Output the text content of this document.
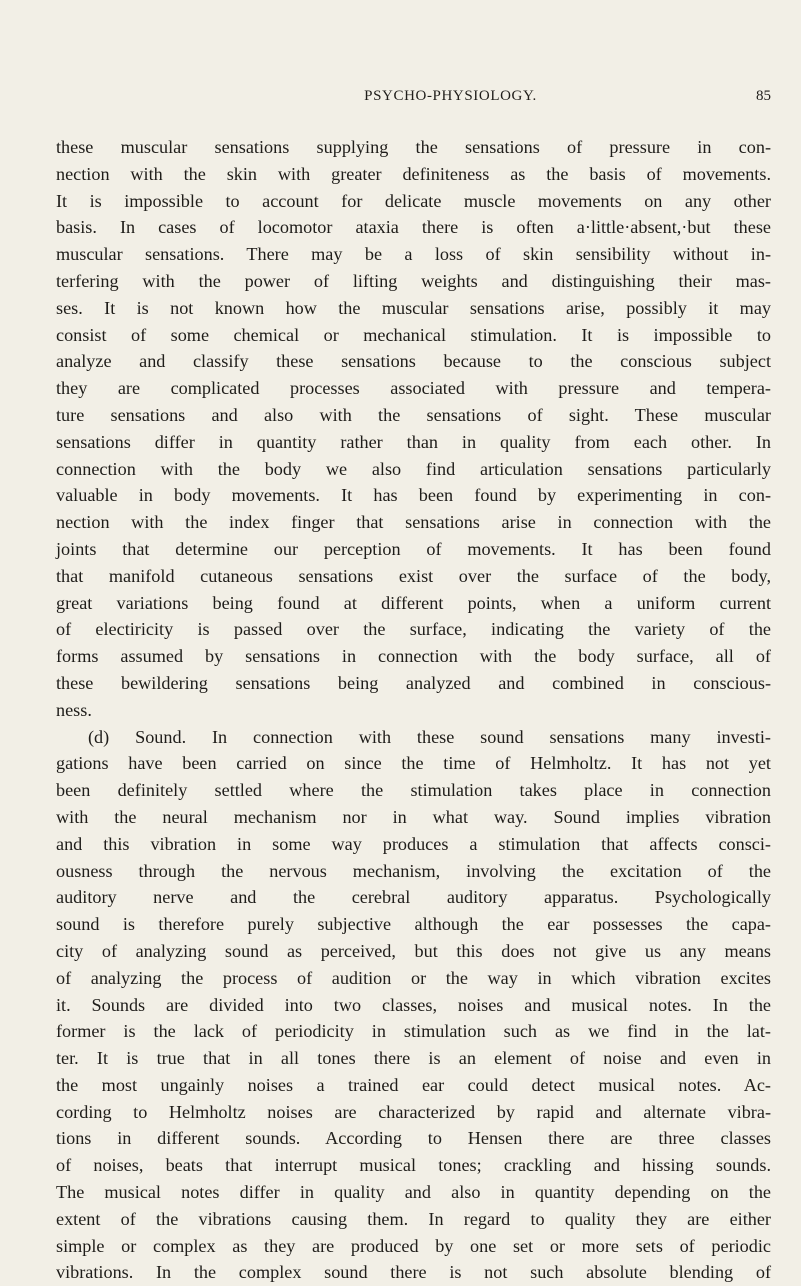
PSYCHO-PHYSIOLOGY.	85
these muscular sensations supplying the sensations of pressure in con-
nection with the skin with greater definiteness as the basis of movements.
It is impossible to account for delicate muscle movements on any other
basis. In cases of locomotor ataxia there is often a·little·absent,·but these
muscular sensations. There may be a loss of skin sensibility without in-
terfering with the power of lifting weights and distinguishing their mas-
ses. It is not known how the muscular sensations arise, possibly it may
consist of some chemical or mechanical stimulation. It is impossible to
analyze and classify these sensations because to the conscious subject
they are complicated processes associated with pressure and tempera-
ture sensations and also with the sensations of sight. These muscular
sensations differ in quantity rather than in quality from each other. In
connection with the body we also find articulation sensations particularly
valuable in body movements. It has been found by experimenting in con-
nection with the index finger that sensations arise in connection with the
joints that determine our perception of movements. It has been found
that manifold cutaneous sensations exist over the surface of the body,
great variations being found at different points, when a uniform current
of electiricity is passed over the surface, indicating the variety of the
forms assumed by sensations in connection with the body surface, all of
these bewildering sensations being analyzed and combined in conscious-
ness.
(d) Sound. In connection with these sound sensations many investi-
gations have been carried on since the time of Helmholtz. It has not yet
been definitely settled where the stimulation takes place in connection
with the neural mechanism nor in what way. Sound implies vibration
and this vibration in some way produces a stimulation that affects consci-
ousness through the nervous mechanism, involving the excitation of the
auditory nerve and the cerebral auditory apparatus. Psychologically
sound is therefore purely subjective although the ear possesses the capa-
city of analyzing sound as perceived, but this does not give us any means
of analyzing the process of audition or the way in which vibration excites
it. Sounds are divided into two classes, noises and musical notes. In the
former is the lack of periodicity in stimulation such as we find in the lat-
ter. It is true that in all tones there is an element of noise and even in
the most ungainly noises a trained ear could detect musical notes. Ac-
cording to Helmholtz noises are characterized by rapid and alternate vibra-
tions in different sounds. According to Hensen there are three classes
of noises, beats that interrupt musical tones; crackling and hissing sounds.
The musical notes differ in quality and also in quantity depending on the
extent of the vibrations causing them. In regard to quality they are either
simple or complex as they are produced by one set or more sets of periodic
vibrations. In the complex sound there is not such absolute blending of
